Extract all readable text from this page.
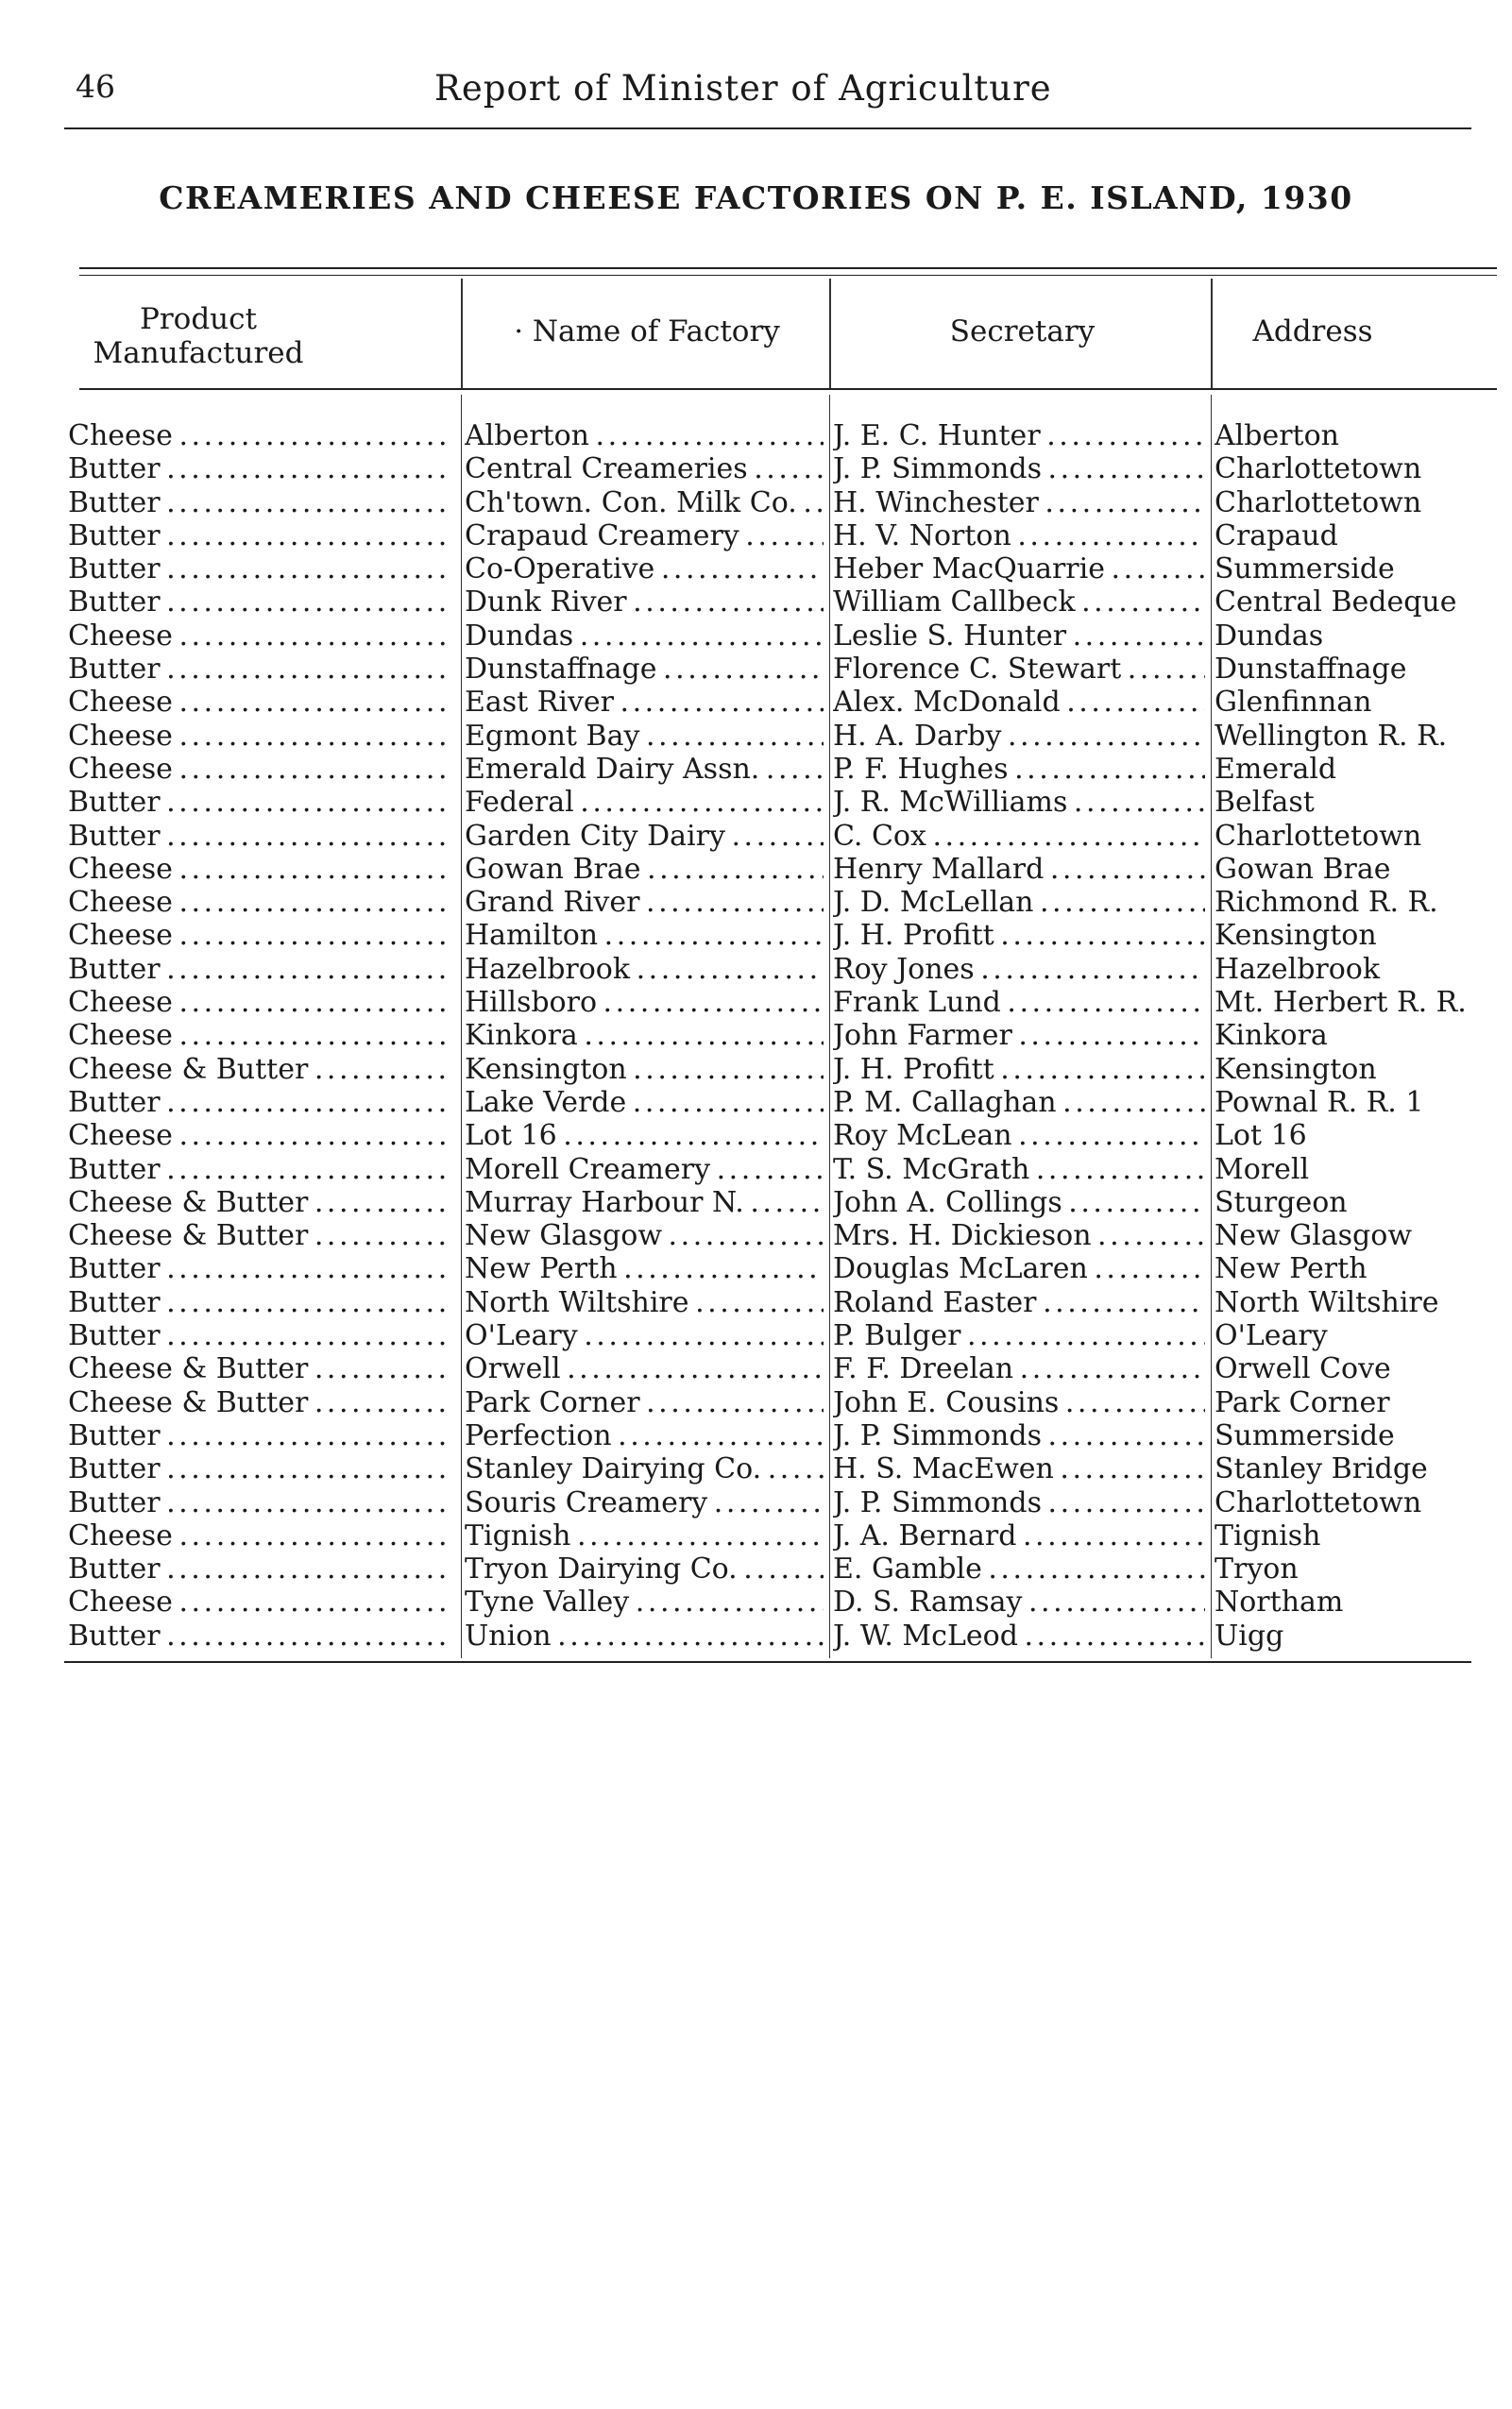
46	Report of Minister of Agriculture
CREAMERIES AND CHEESE FACTORIES ON P. E. ISLAND, 1930
Product Manufactured
· Name of Factory	Secretary	Address
Cheese . . .	Alberton . . .	J. E. C. Hunter . . .	Alberton
Butter . . .	Central Creameries . . .	J. P. Simmonds . . .	Charlottetown
Butter . . .	Ch'town. Con. Milk Co. . . .	H. Winchester . . .	Charlottetown
Butter . . .	Crapaud Creamery . . .	H. V. Norton . . .	Crapaud
Butter . . .	Co-Operative . . .	Heber MacQuarrie . . .	Summerside
Butter . . .	Dunk River . . .	William Callbeck . . .	Central Bedeque
Cheese . . .	Dundas . . .	Leslie S. Hunter . . .	Dundas
Butter . . .	Dunstaffnage . . .	Florence C. Stewart . . .	Dunstaffnage
Cheese . . .	East River . . .	Alex. McDonald . . .	Glenfinnan
Cheese . . .	Egmont Bay . . .	H. A. Darby . . .	Wellington R. R.
Cheese . . .	Emerald Dairy Assn. . . .	P. F. Hughes . . .	Emerald
Butter . . .	Federal . . .	J. R. McWilliams . . .	Belfast
Butter . . .	Garden City Dairy . . .	C. Cox . . .	Charlottetown
Cheese . . .	Gowan Brae . . .	Henry Mallard . . .	Gowan Brae
Cheese . . .	Grand River . . .	J. D. McLellan . . .	Richmond R. R.
Cheese . . .	Hamilton . . .	J. H. Profitt . . .	Kensington
Butter . . .	Hazelbrook . . .	Roy Jones . . .	Hazelbrook
Cheese . . .	Hillsboro . . .	Frank Lund . . .	Mt. Herbert R. R.
Cheese . . .	Kinkora . . .	John Farmer . . .	Kinkora
Cheese & Butter . . .	Kensington . . .	J. H. Profitt . . .	Kensington
Butter . . .	Lake Verde . . .	P. M. Callaghan . . .	Pownal R. R. 1
Cheese . . .	Lot 16 . . .	Roy McLean . . .	Lot 16
Butter . . .	Morell Creamery . . .	T. S. McGrath . . .	Morell
Cheese & Butter . . .	Murray Harbour N. . . .	John A. Collings . . .	Sturgeon
Cheese & Butter . . .	New Glasgow . . .	Mrs. H. Dickieson . . .	New Glasgow
Butter . . .	New Perth . . .	Douglas McLaren . . .	New Perth
Butter . . .	North Wiltshire . . .	Roland Easter . . .	North Wiltshire
Butter . . .	O'Leary . . .	P. Bulger . . .	O'Leary
Cheese & Butter . . .	Orwell . . .	F. F. Dreelan . . .	Orwell Cove
Cheese & Butter . . .	Park Corner . . .	John E. Cousins . . .	Park Corner
Butter . . .	Perfection . . .	J. P. Simmonds . . .	Summerside
Butter . . .	Stanley Dairying Co. . . .	H. S. MacEwen . . .	Stanley Bridge
Butter . . .	Souris Creamery . . .	J. P. Simmonds . . .	Charlottetown
Cheese . . .	Tignish . . .	J. A. Bernard . . .	Tignish
Butter . . .	Tryon Dairying Co. . . .	E. Gamble . . .	Tryon
Cheese . . .	Tyne Valley . . .	D. S. Ramsay . . .	Northam
Butter . . .	Union . . .	J. W. McLeod . . .	Uigg
